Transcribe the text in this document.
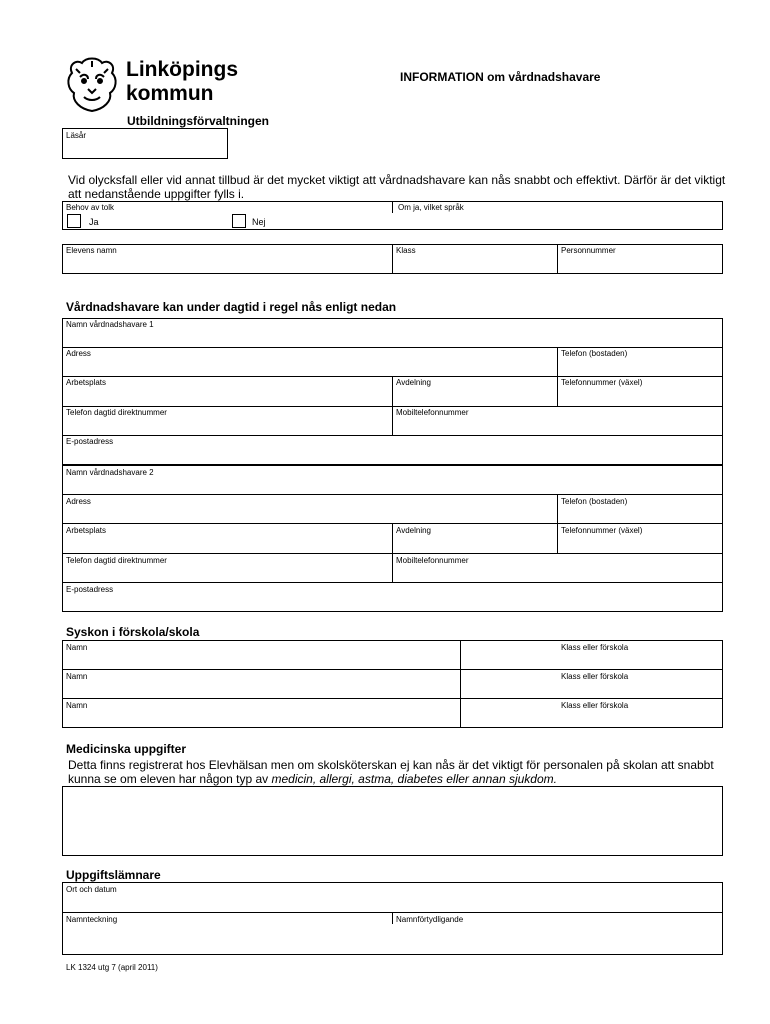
Linköpings
kommun
Utbildningsförvaltningen
INFORMATION om vårdnadshavare
Läsår
Vid olycksfall eller vid annat tillbud är det mycket viktigt att vårdnadshavare kan nås snabbt och effektivt. Därför är det viktigt att nedanstående uppgifter fylls i.
Behov av tolk	Om ja, vilket språk
Ja	Nej
Elevens namn	Klass	Personnummer
Vårdnadshavare kan under dagtid i regel nås enligt nedan
Namn vårdnadshavare 1
Adress	Telefon (bostaden)
Arbetsplats	Avdelning	Telefonnummer (växel)
Telefon dagtid direktnummer	Mobiltelefonnummer
E-postadress
Namn vårdnadshavare 2
Adress	Telefon (bostaden)
Arbetsplats	Avdelning	Telefonnummer (växel)
Telefon dagtid direktnummer	Mobiltelefonnummer
E-postadress
Syskon i förskola/skola
Namn	Klass eller förskola
Namn	Klass eller förskola
Namn	Klass eller förskola
Medicinska uppgifter
Detta finns registrerat hos Elevhälsan men om skolsköterskan ej kan nås är det viktigt för personalen på skolan att snabbt kunna se om eleven har någon typ av medicin, allergi, astma, diabetes eller annan sjukdom.
Uppgiftslämnare
Ort och datum
Namnteckning	Namnförtydligande
LK 1324 utg 7 (april 2011)
